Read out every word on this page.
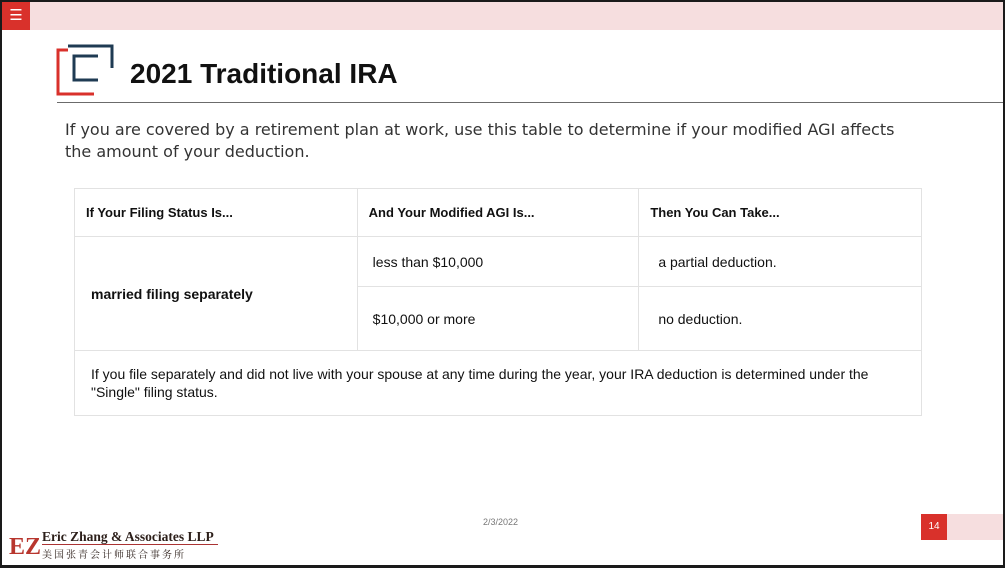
☰
2021 Traditional IRA
If you are covered by a retirement plan at work, use this table to determine if your modified AGI affects the amount of your deduction.
If Your Filing Status Is...	And Your Modified AGI Is...	Then You Can Take...
married filing separately	less than $10,000	a partial deduction.
	$10,000 or more	no deduction.
If you file separately and did not live with your spouse at any time during the year, your IRA deduction is determined under the "Single" filing status.		
2/3/2022	14
EZ Eric Zhang & Associates LLP
美国张青会计师联合事务所
